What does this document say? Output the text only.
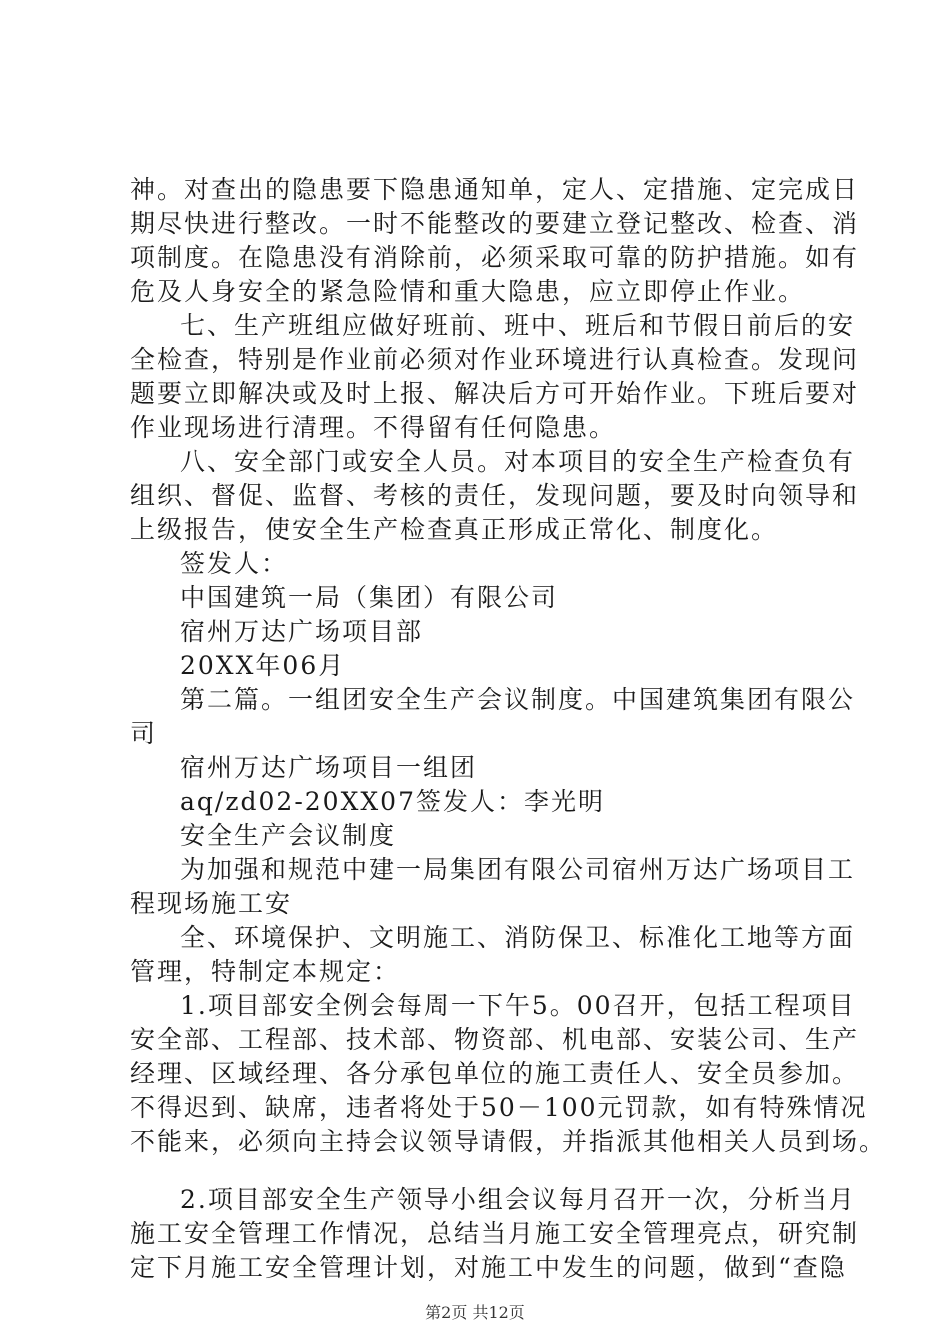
神。对查出的隐患要下隐患通知单，定人、定措施、定完成日
期尽快进行整改。一时不能整改的要建立登记整改、检查、消
项制度。在隐患没有消除前，必须采取可靠的防护措施。如有
危及人身安全的紧急险情和重大隐患，应立即停止作业。
七、生产班组应做好班前、班中、班后和节假日前后的安
全检查，特别是作业前必须对作业环境进行认真检查。发现问
题要立即解决或及时上报、解决后方可开始作业。下班后要对
作业现场进行清理。不得留有任何隐患。
八、安全部门或安全人员。对本项目的安全生产检查负有
组织、督促、监督、考核的责任，发现问题，要及时向领导和
上级报告，使安全生产检查真正形成正常化、制度化。
签发人：
中国建筑一局（集团）有限公司
宿州万达广场项目部
20XX年06月
第二篇。一组团安全生产会议制度。中国建筑集团有限公
司
宿州万达广场项目一组团
aq/zd02-20XX07签发人：李光明
安全生产会议制度
为加强和规范中建一局集团有限公司宿州万达广场项目工
程现场施工安
全、环境保护、文明施工、消防保卫、标准化工地等方面
管理，特制定本规定：
1.项目部安全例会每周一下午5。00召开，包括工程项目
安全部、工程部、技术部、物资部、机电部、安装公司、生产
经理、区域经理、各分承包单位的施工责任人、安全员参加。
不得迟到、缺席，违者将处于50－100元罚款，如有特殊情况
不能来，必须向主持会议领导请假，并指派其他相关人员到场。
2.项目部安全生产领导小组会议每月召开一次，分析当月
施工安全管理工作情况，总结当月施工安全管理亮点，研究制
定下月施工安全管理计划，对施工中发生的问题，做到“查隐
第2页 共12页
